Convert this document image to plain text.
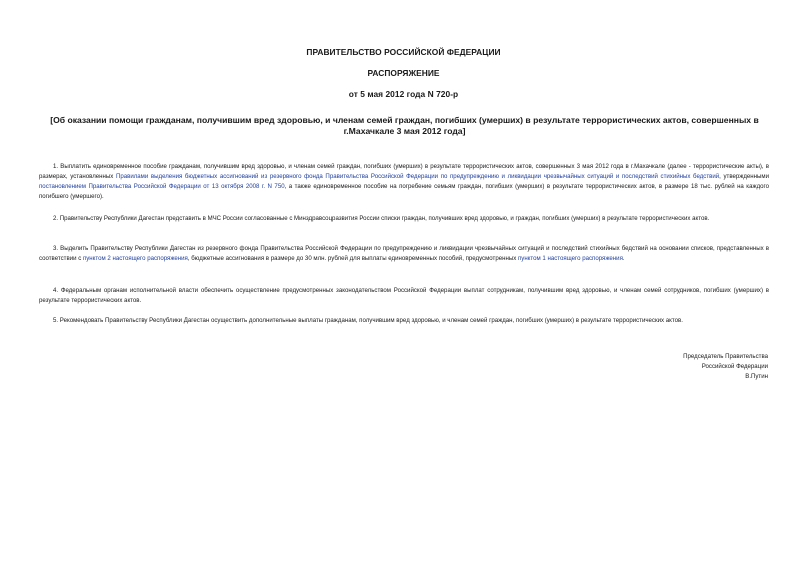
ПРАВИТЕЛЬСТВО РОССИЙСКОЙ ФЕДЕРАЦИИ
РАСПОРЯЖЕНИЕ
от 5 мая 2012 года N 720-р
[Об оказании помощи гражданам, получившим вред здоровью, и членам семей граждан, погибших (умерших) в результате террористических актов, совершенных в г.Махачкале 3 мая 2012 года]

1. Выплатить единовременное пособие гражданам, получившим вред здоровью, и членам семей граждан, погибших (умерших) в результате террористических актов, совершенных 3 мая 2012 года в г.Махачкале (далее - террористические акты), в размерах, установленных Правилами выделения бюджетных ассигнований из резервного фонда Правительства Российской Федерации по предупреждению и ликвидации чрезвычайных ситуаций и последствий стихийных бедствий, утвержденными постановлением Правительства Российской Федерации от 13 октября 2008 г. N 750, а также единовременное пособие на погребение семьям граждан, погибших (умерших) в результате террористических актов, в размере 18 тыс. рублей на каждого погибшего (умершего).

2. Правительству Республики Дагестан представить в МЧС России согласованные с Минздравсоцразвития России списки граждан, получивших вред здоровью, и граждан, погибших (умерших) в результате террористических актов.

3. Выделить Правительству Республики Дагестан из резервного фонда Правительства Российской Федерации по предупреждению и ликвидации чрезвычайных ситуаций и последствий стихийных бедствий на основании списков, представленных в соответствии с пунктом 2 настоящего распоряжения, бюджетные ассигнования в размере до 30 млн. рублей для выплаты единовременных пособий, предусмотренных пунктом 1 настоящего распоряжения.

4. Федеральным органам исполнительной власти обеспечить осуществление предусмотренных законодательством Российской Федерации выплат сотрудникам, получившим вред здоровью, и членам семей сотрудников, погибших (умерших) в результате террористических актов.

5. Рекомендовать Правительству Республики Дагестан осуществить дополнительные выплаты гражданам, получившим вред здоровью, и членам семей граждан, погибших (умерших) в результате террористических актов.

Председатель Правительства
Российской Федерации
В.Путин
